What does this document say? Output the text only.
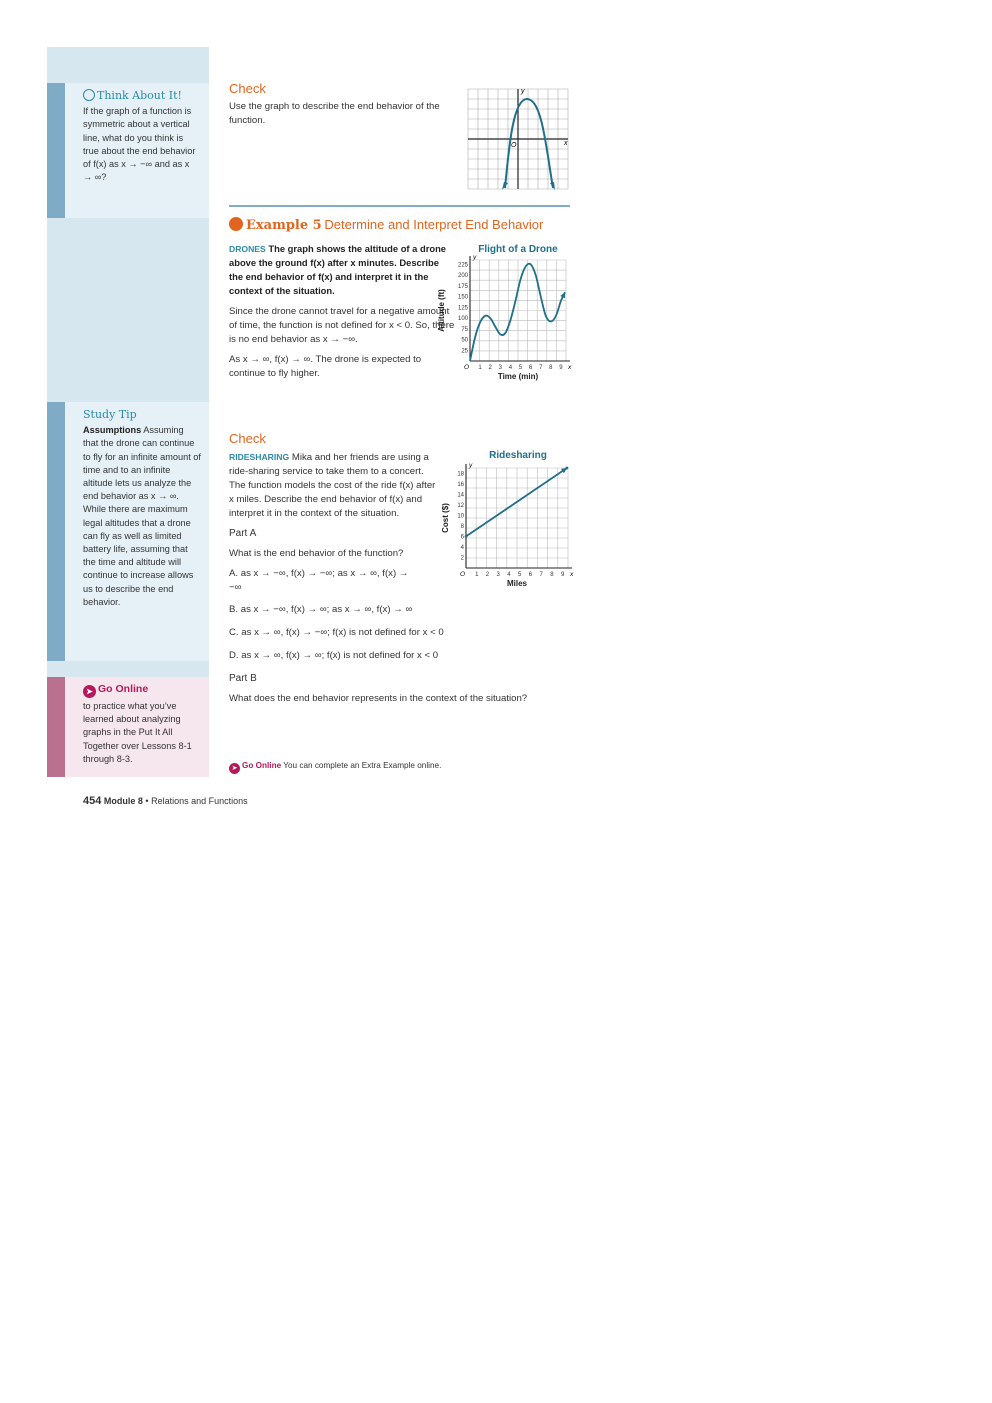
Think About It!
If the graph of a function is symmetric about a vertical line, what do you think is true about the end behavior of f(x) as x → −∞ and as x → ∞?
Study Tip
Assumptions Assuming that the drone can continue to fly for an infinite amount of time and to an infinite altitude lets us analyze the end behavior as x → ∞. While there are maximum legal altitudes that a drone can fly as well as limited battery life, assuming that the time and altitude will continue to increase allows us to describe the end behavior.
➤ Go Online
to practice what you’ve learned about analyzing graphs in the Put It All Together over Lessons 8-1 through 8-3.
Check
Use the graph to describe the end behavior of the function.
x
y
O
Example 5 Determine and Interpret End Behavior
DRONES The graph shows the altitude of a drone above the ground f(x) after x minutes. Describe the end behavior of f(x) and interpret it in the context of the situation.
Since the drone cannot travel for a negative amount of time, the function is not defined for x < 0. So, there is no end behavior as x → −∞.
As x → ∞, f(x) → ∞. The drone is expected to continue to fly higher.
Flight of a Drone
1 2 3 4 5 6 7 8 9
25
50
75
100
125
150
175
200
225
O	x
y
Time (min)
Altitude (ft)
Check
RIDESHARING Mika and her friends are using a ride-sharing service to take them to a concert. The function models the cost of the ride f(x) after x miles. Describe the end behavior of f(x) and interpret it in the context of the situation.
Part A
What is the end behavior of the function?
A. as x → −∞, f(x) → −∞; as x → ∞, f(x) → −∞
B. as x → −∞, f(x) → ∞; as x → ∞, f(x) → ∞
C. as x → ∞, f(x) → −∞; f(x) is not defined for x < 0
D. as x → ∞, f(x) → ∞; f(x) is not defined for x < 0
Part B
What does the end behavior represents in the context of the situation?
Ridesharing
1 2 3 4 5 6 7 8 9
2
4
6
8
10
12
14
16
18
O	x
y
Miles
Cost ($)
➤ Go Online You can complete an Extra Example online.
454 Module 8 • Relations and Functions
